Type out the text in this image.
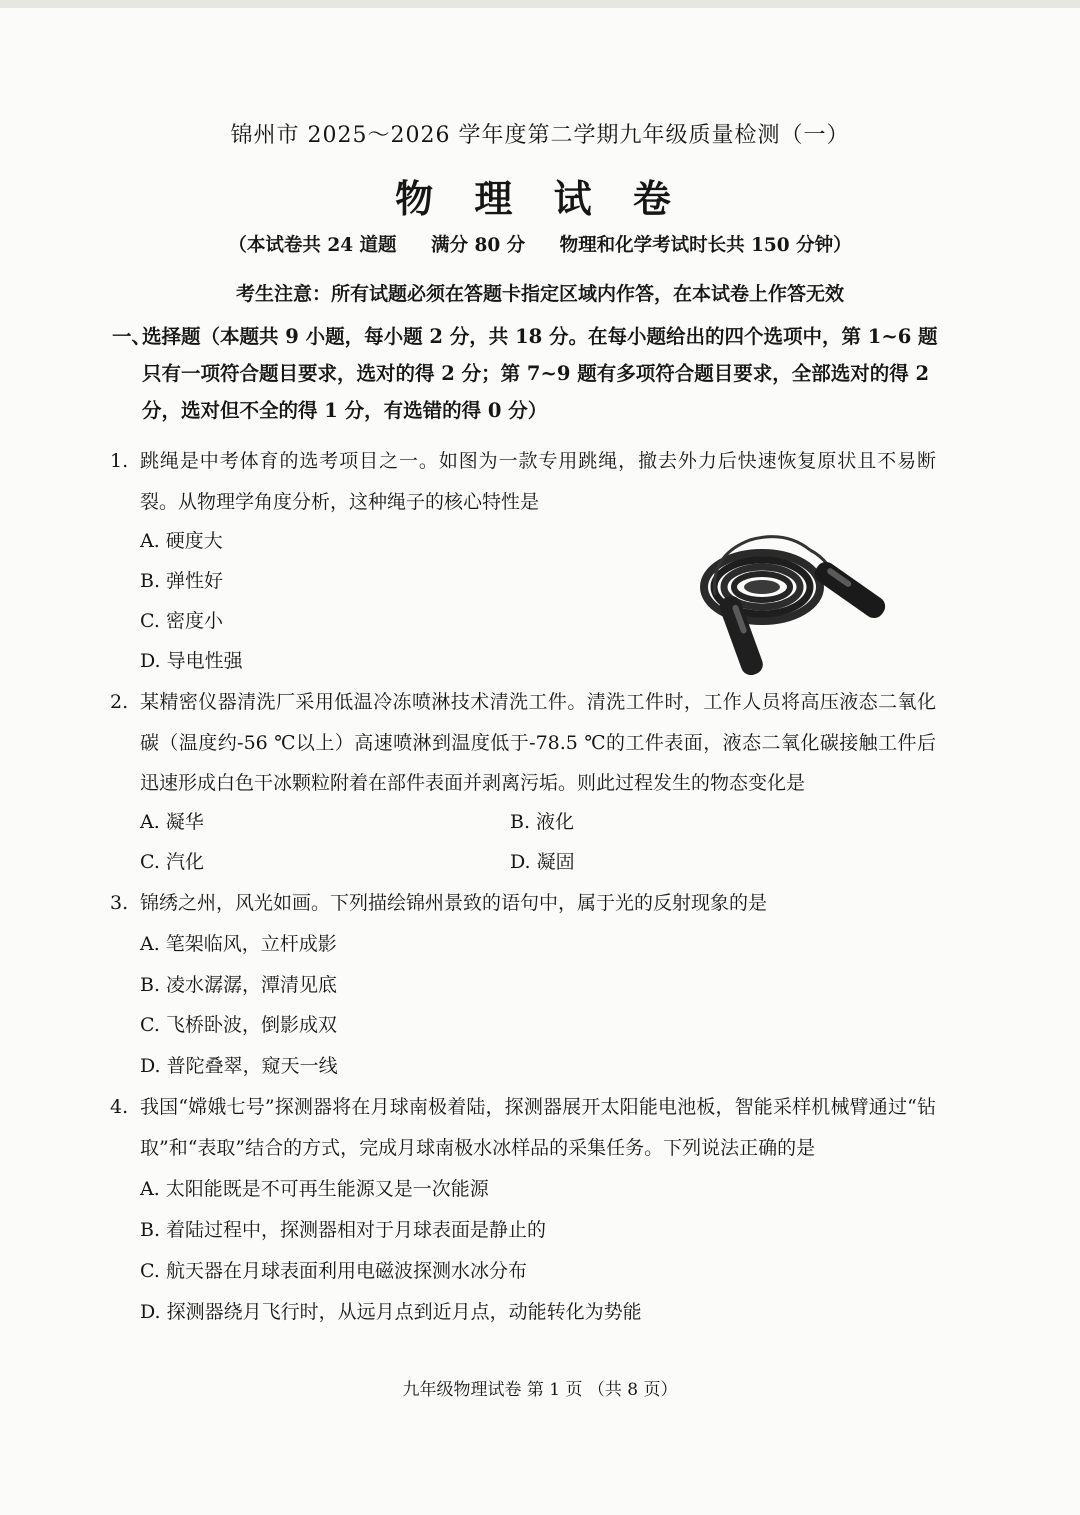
锦州市 2025～2026 学年度第二学期九年级质量检测（一）
物 理 试 卷
（本试卷共 24 道题 满分 80 分 物理和化学考试时长共 150 分钟）
考生注意：所有试题必须在答题卡指定区域内作答，在本试卷上作答无效
一、
选择题（本题共 9 小题，每小题 2 分，共 18 分。在每小题给出的四个选项中，第 1~6 题只有一项符合题目要求，选对的得 2 分；第 7~9 题有多项符合题目要求，全部选对的得 2 分，选对但不全的得 1 分，有选错的得 0 分）
1. 跳绳是中考体育的选考项目之一。如图为一款专用跳绳，撤去外力后快速恢复原状且不易断裂。从物理学角度分析，这种绳子的核心特性是
A. 硬度大
B. 弹性好
C. 密度小
D. 导电性强
2. 某精密仪器清洗厂采用低温冷冻喷淋技术清洗工件。清洗工件时，工作人员将高压液态二氧化碳（温度约-56 ℃以上）高速喷淋到温度低于-78.5 ℃的工件表面，液态二氧化碳接触工件后迅速形成白色干冰颗粒附着在部件表面并剥离污垢。则此过程发生的物态变化是
A. 凝华	B. 液化
C. 汽化	D. 凝固
3. 锦绣之州，风光如画。下列描绘锦州景致的语句中，属于光的反射现象的是
A. 笔架临风，立杆成影
B. 凌水潺潺，潭清见底
C. 飞桥卧波，倒影成双
D. 普陀叠翠，窥天一线
4. 我国“嫦娥七号”探测器将在月球南极着陆，探测器展开太阳能电池板，智能采样机械臂通过“钻取”和“表取”结合的方式，完成月球南极水冰样品的采集任务。下列说法正确的是
A. 太阳能既是不可再生能源又是一次能源
B. 着陆过程中，探测器相对于月球表面是静止的
C. 航天器在月球表面利用电磁波探测水冰分布
D. 探测器绕月飞行时，从远月点到近月点，动能转化为势能
九年级物理试卷 第 1 页 （共 8 页）
